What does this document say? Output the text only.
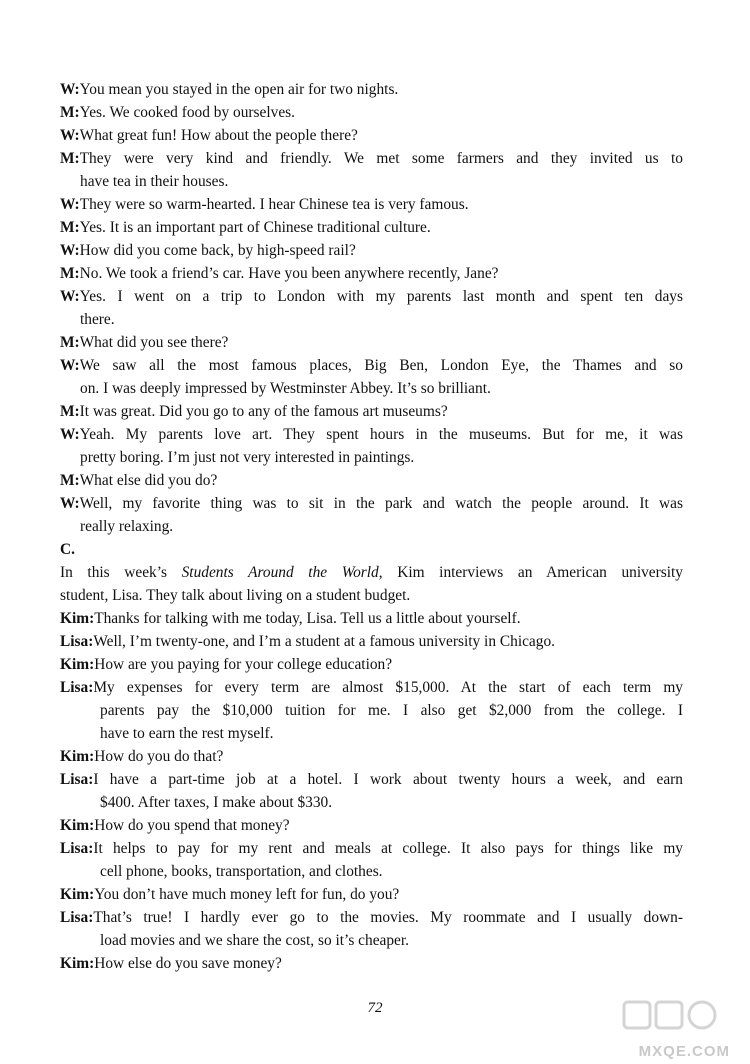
W: You mean you stayed in the open air for two nights.
M: Yes. We cooked food by ourselves.
W: What great fun! How about the people there?
M: They were very kind and friendly. We met some farmers and they invited us to
have tea in their houses.
W: They were so warm-hearted. I hear Chinese tea is very famous.
M: Yes. It is an important part of Chinese traditional culture.
W: How did you come back, by high-speed rail?
M: No. We took a friend’s car. Have you been anywhere recently, Jane?
W: Yes. I went on a trip to London with my parents last month and spent ten days
there.
M: What did you see there?
W: We saw all the most famous places, Big Ben, London Eye, the Thames and so
on. I was deeply impressed by Westminster Abbey. It’s so brilliant.
M: It was great. Did you go to any of the famous art museums?
W: Yeah. My parents love art. They spent hours in the museums. But for me, it was
pretty boring. I’m just not very interested in paintings.
M: What else did you do?
W: Well, my favorite thing was to sit in the park and watch the people around. It was
really relaxing.
C.
In this week’s Students Around the World, Kim interviews an American university
student, Lisa. They talk about living on a student budget.
Kim: Thanks for talking with me today, Lisa. Tell us a little about yourself.
Lisa: Well, I’m twenty-one, and I’m a student at a famous university in Chicago.
Kim: How are you paying for your college education?
Lisa: My expenses for every term are almost $15,000. At the start of each term my
parents pay the $10,000 tuition for me. I also get $2,000 from the college. I
have to earn the rest myself.
Kim: How do you do that?
Lisa: I have a part-time job at a hotel. I work about twenty hours a week, and earn
$400. After taxes, I make about $330.
Kim: How do you spend that money?
Lisa: It helps to pay for my rent and meals at college. It also pays for things like my
cell phone, books, transportation, and clothes.
Kim: You don’t have much money left for fun, do you?
Lisa: That’s true! I hardly ever go to the movies. My roommate and I usually down-
load movies and we share the cost, so it’s cheaper.
Kim: How else do you save money?
72
MXQE.COM
